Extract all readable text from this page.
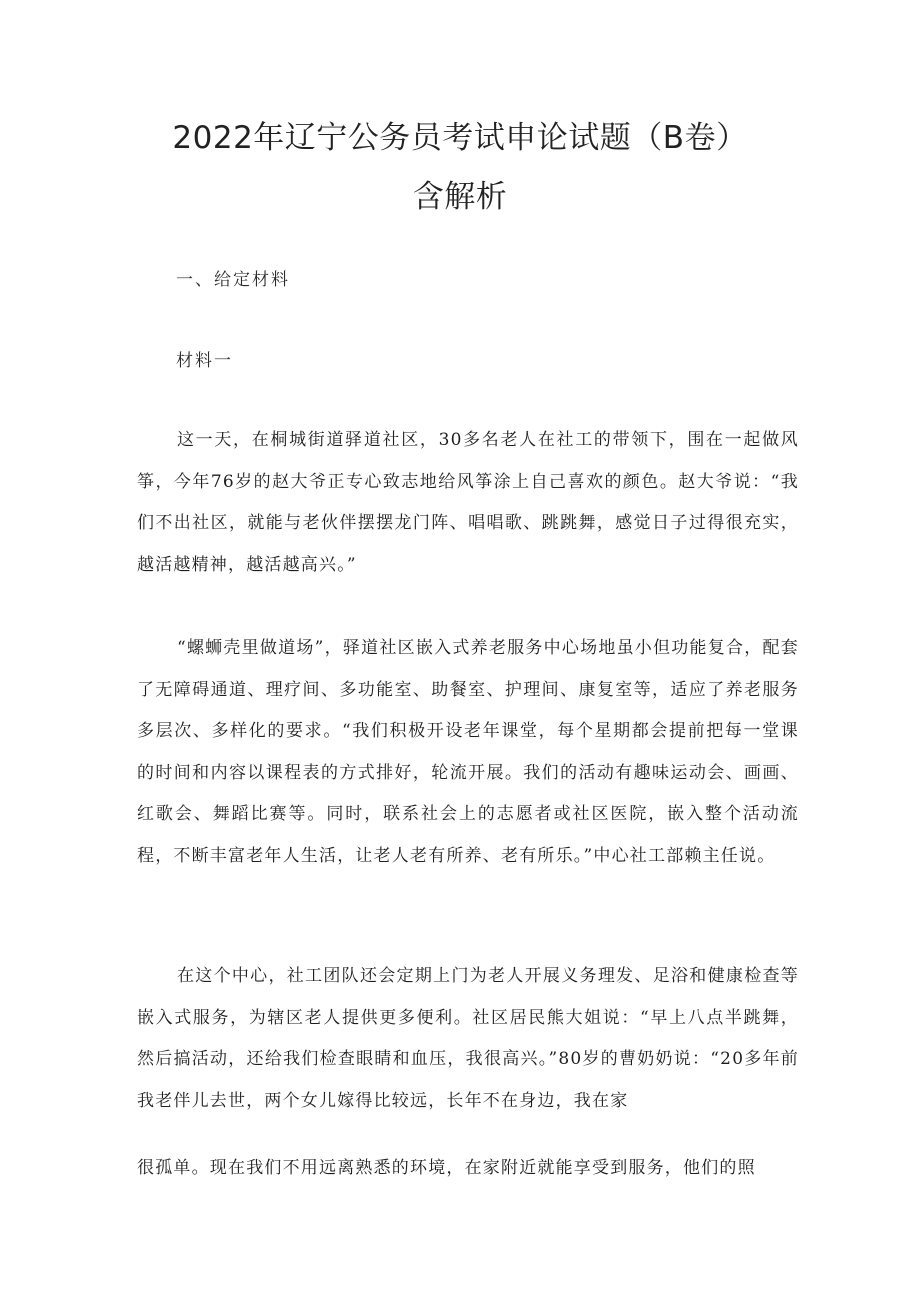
2022年辽宁公务员考试申论试题（B卷）
含解析

一、给定材料

材料一

这一天，在桐城街道驿道社区，30多名老人在社工的带领下，围在一起做风筝，今年76岁的赵大爷正专心致志地给风筝涂上自己喜欢的颜色。赵大爷说：“我们不出社区，就能与老伙伴摆摆龙门阵、唱唱歌、跳跳舞，感觉日子过得很充实，越活越精神，越活越高兴。”

“螺蛳壳里做道场”，驿道社区嵌入式养老服务中心场地虽小但功能复合，配套了无障碍通道、理疗间、多功能室、助餐室、护理间、康复室等，适应了养老服务多层次、多样化的要求。“我们积极开设老年课堂，每个星期都会提前把每一堂课的时间和内容以课程表的方式排好，轮流开展。我们的活动有趣味运动会、画画、红歌会、舞蹈比赛等。同时，联系社会上的志愿者或社区医院，嵌入整个活动流程，不断丰富老年人生活，让老人老有所养、老有所乐。”中心社工部赖主任说。

在这个中心，社工团队还会定期上门为老人开展义务理发、足浴和健康检查等嵌入式服务，为辖区老人提供更多便利。社区居民熊大姐说：“早上八点半跳舞，然后搞活动，还给我们检查眼睛和血压，我很高兴。”80岁的曹奶奶说：“20多年前我老伴儿去世，两个女儿嫁得比较远，长年不在身边，我在家

很孤单。现在我们不用远离熟悉的环境，在家附近就能享受到服务，他们的照
